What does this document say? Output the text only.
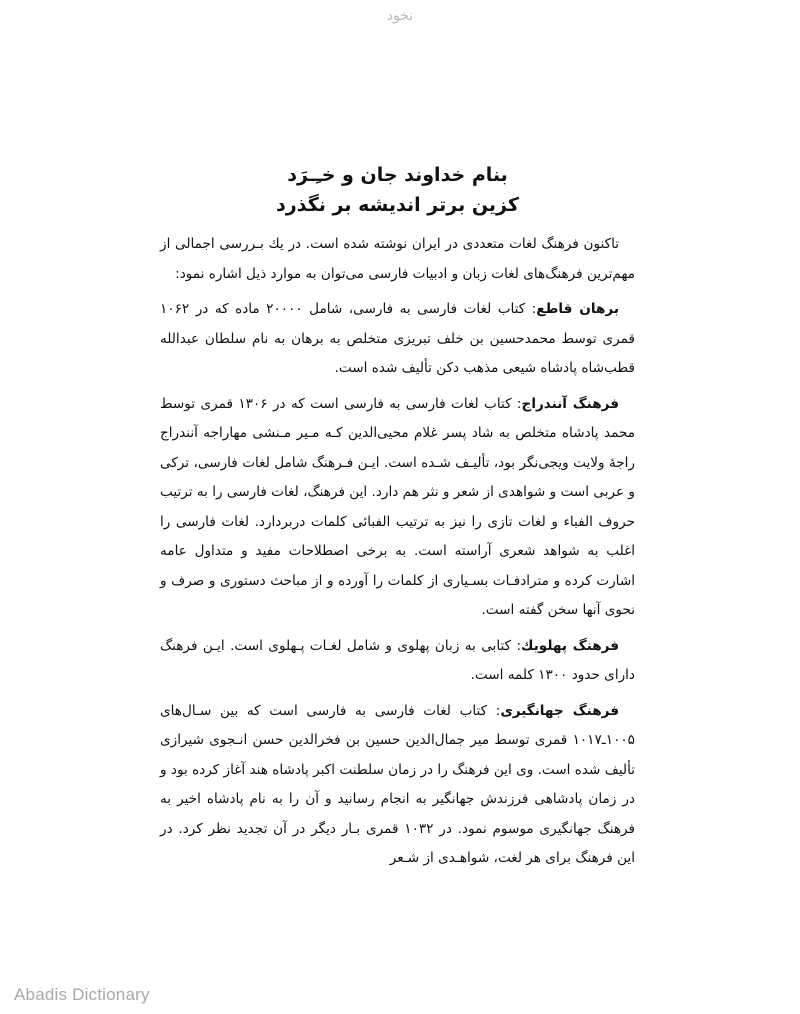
نخود
بنام خداوند جان و خـِـرَد
کزین برتر اندیشه بر نگذرد

تاکنون فرهنگ لغات متعددی در ایران نوشته شده است. در یك بـررسی اجمالی از مهم‌ترین فرهنگ‌های لغات زبان و ادبیات فارسی می‌توان به موارد ذیل اشاره نمود:

برهان قاطع: کتاب لغات فارسی به فارسی، شامل ۲۰۰۰۰ ماده که در ۱۰۶۲ قمری توسط محمدحسین بن خلف تبریزی متخلص به برهان به نام سلطان عبدالله قطب‌شاه پادشاه شیعی مذهب دکن تألیف شده است.

فرهنگ آنندراج: کتاب لغات فارسی به فارسی است که در ۱۳۰۶ قمری توسط محمد پادشاه متخلص به شاد پسر غلام محیی‌الدین کـه مـیر مـنشی مهاراجه آنندراج راجهٔ ولایت ویجی‌نگر بود، تألیـف شـده است. ایـن فـرهنگ شامل لغات فارسی، ترکی و عربی است و شواهدی از شعر و نثر هم دارد. این فرهنگ، لغات فارسی را به ترتیب حروف الفباء و لغات تازی را نیز به ترتیب الفبائی کلمات دربردارد. لغات فارسی را اغلب به شواهد شعری آراسته است. به برخی اصطلاحات مفید و متداول عامه اشارت کرده و مترادفـات بسـیاری از کلمات را آورده و از مباحث دستوری و صرف و نحوی آنها سخن گفته است.

فرهنگ پهلویك: کتابی به زبان پهلوی و شامل لغـات پـهلوی است. ایـن فرهنگ دارای حدود ۱۳۰۰ کلمه است.

فرهنگ جهانگیری: کتاب لغات فارسی به فارسی است که بین سـال‌های ۱۰۰۵ـ۱۰۱۷ قمری توسط میر جمال‌الدین حسین بن فخرالدین حسن انـجوی شیرازی تألیف شده است. وی این فرهنگ را در زمان سلطنت اکبر پادشاه هند آغاز کرده بود و در زمان پادشاهی فرزندش جهانگیر به انجام رسانید و آن را به نام پادشاه اخیر به فرهنگ جهانگیری موسوم نمود. در ۱۰۳۲ قمری بـار دیگر در آن تجدید نظر کرد. در این فرهنگ برای هر لغت، شواهـدی از شـعر

Abadis Dictionary
